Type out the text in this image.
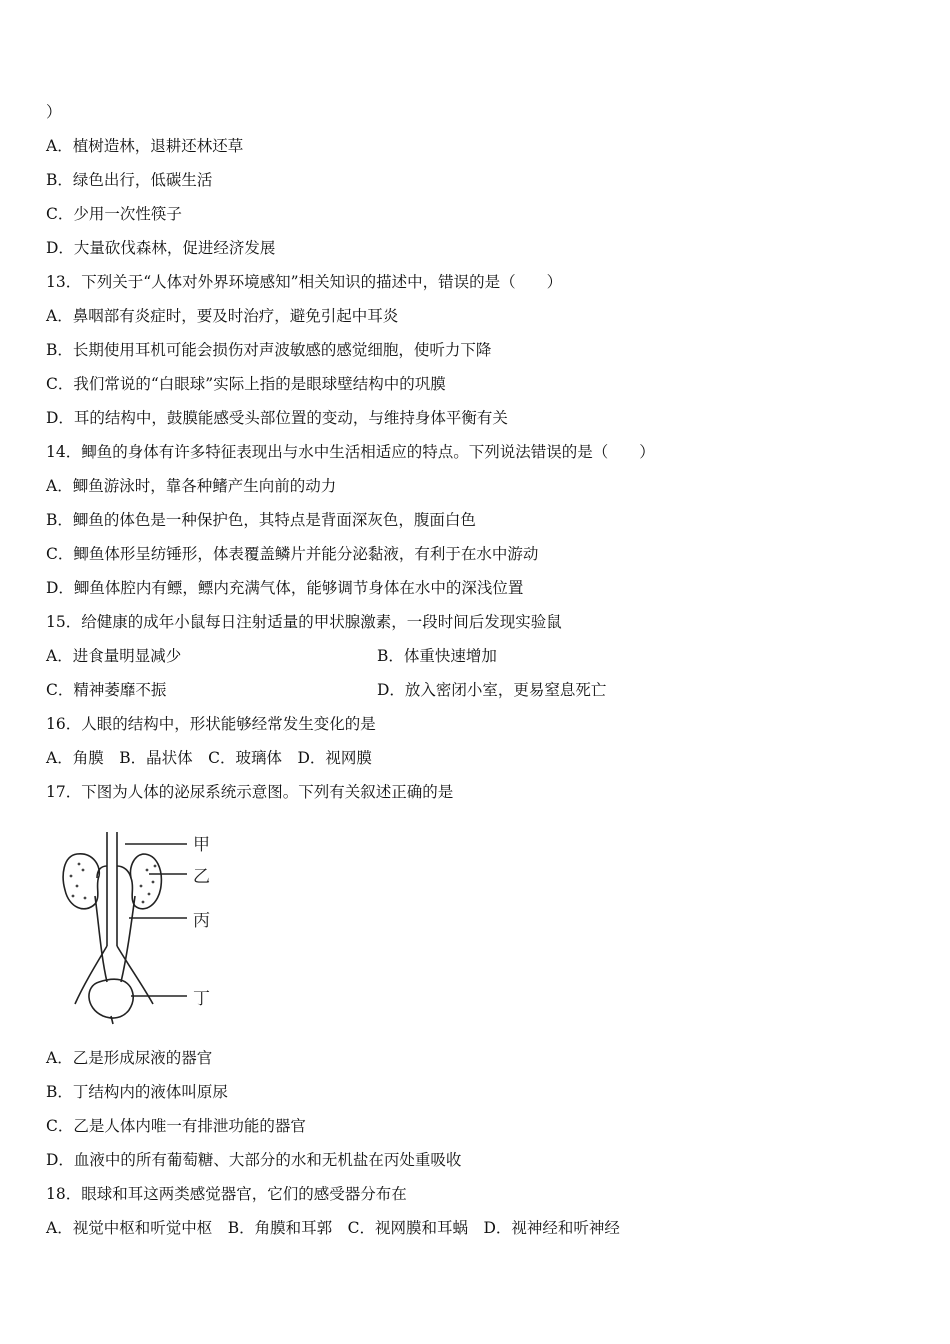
）
A．植树造林，退耕还林还草
B．绿色出行，低碳生活
C．少用一次性筷子
D．大量砍伐森林，促进经济发展
13．下列关于“人体对外界环境感知”相关知识的描述中，错误的是（　　）
A．鼻咽部有炎症时，要及时治疗，避免引起中耳炎
B．长期使用耳机可能会损伤对声波敏感的感觉细胞，使听力下降
C．我们常说的“白眼球”实际上指的是眼球壁结构中的巩膜
D．耳的结构中，鼓膜能感受头部位置的变动，与维持身体平衡有关
14．鲫鱼的身体有许多特征表现出与水中生活相适应的特点。下列说法错误的是（　　）
A．鲫鱼游泳时，靠各种鳍产生向前的动力
B．鲫鱼的体色是一种保护色，其特点是背面深灰色，腹面白色
C．鲫鱼体形呈纺锤形，体表覆盖鳞片并能分泌黏液，有利于在水中游动
D．鲫鱼体腔内有鳔，鳔内充满气体，能够调节身体在水中的深浅位置
15．给健康的成年小鼠每日注射适量的甲状腺激素，一段时间后发现实验鼠
A．进食量明显减少	B．体重快速增加
C．精神萎靡不振	D．放入密闭小室，更易窒息死亡
16．人眼的结构中，形状能够经常发生变化的是
A．角膜　B．晶状体　C．玻璃体　D．视网膜
17．下图为人体的泌尿系统示意图。下列有关叙述正确的是
甲
乙
丙
丁
A．乙是形成尿液的器官
B．丁结构内的液体叫原尿
C．乙是人体内唯一有排泄功能的器官
D．血液中的所有葡萄糖、大部分的水和无机盐在丙处重吸收
18．眼球和耳这两类感觉器官，它们的感受器分布在
A．视觉中枢和听觉中枢　B．角膜和耳郭　C．视网膜和耳蜗　D．视神经和听神经
